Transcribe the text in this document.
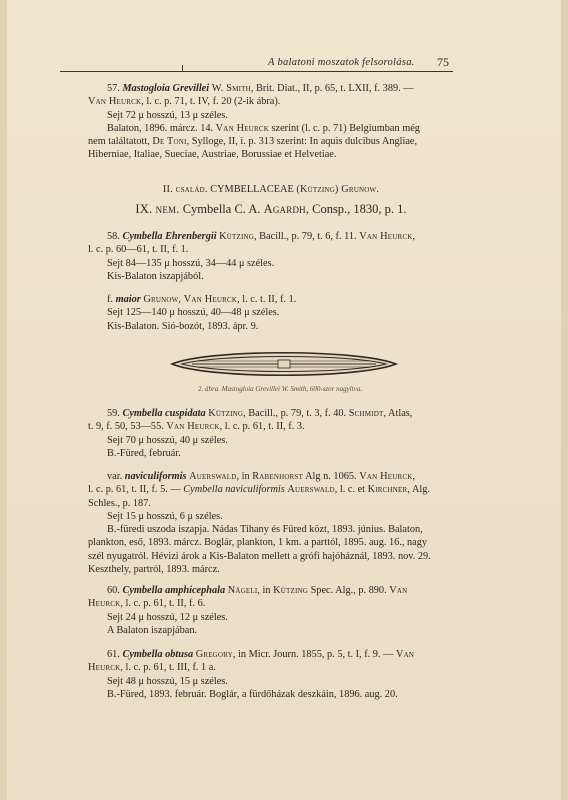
A balatoni moszatok felsorolása. 75
57. Mastogloia Grevillei W. Smith, Brit. Diat., II, p. 65, t. LXII, f. 389. —
Van Heurck, l. c. p. 71, t. IV, f. 20 (2-ik ábra).
Sejt 72 μ hosszú, 13 μ széles.
Balaton, 1896. márcz. 14. Van Heurck szerint (l. c. p. 71) Belgiumban még
nem találtatott, De Toni, Sylloge, II, i. p. 313 szerint: In aquis dulcibus Angliae,
Hiberniae, Italiae, Sueciae, Austriae, Borussiae et Helvetiae.
II. család. CYMBELLACEAE (Kützing) Grunow.
IX. nem. Cymbella C. A. Agardh, Consp., 1830, p. 1.
58. Cymbella Ehrenbergii Kützing, Bacill., p. 79, t. 6, f. 11. Van Heurck,
l. c. p. 60—61, t. II, f. 1.
Sejt 84—135 μ hosszú, 34—44 μ széles.
Kis-Balaton iszapjából.
f. maior Grunow, Van Heurck, l. c. t. II, f. 1.
Sejt 125—140 μ hosszú, 40—48 μ széles.
Kis-Balaton. Sió-bozót, 1893. ápr. 9.
2. ábra. Mastogloia Grevillei W. Smith, 600-szor nagyítva.
59. Cymbella cuspidata Kützing, Bacill., p. 79, t. 3, f. 40. Schmidt, Atlas,
t. 9, f. 50, 53—55. Van Heurck, l. c. p. 61, t. II, f. 3.
Sejt 70 μ hosszú, 40 μ széles.
B.-Füred, február.
var. naviculiformis Auerswald, in Rabenhorst Alg n. 1065. Van Heurck,
l. c. p. 61, t. II, f. 5. — Cymbella naviculiformis Auerswald, l. c. et Kirchner, Alg.
Schles., p. 187.
Sejt 15 μ hosszú, 6 μ széles.
B.-füredi uszoda iszapja. Nádas Tihany és Füred közt, 1893. június. Balaton,
plankton, eső, 1893. márcz. Boglár, plankton, 1 km. a parttól, 1895. aug. 16., nagy
szél nyugatról. Hévizi árok a Kis-Balaton mellett a grófi hajóháznál, 1893. nov. 29.
Keszthely, partról, 1893. márcz.
60. Cymbella amphicephala Nägeli, in Kützing Spec. Alg., p. 890. Van
Heurck, l. c. p. 61, t. II, f. 6.
Sejt 24 μ hosszú, 12 μ széles.
A Balaton iszapjában.
61. Cymbella obtusa Gregory, in Micr. Journ. 1855, p. 5, t. I, f. 9. — Van
Heurck, l. c. p. 61, t. III, f. 1 a.
Sejt 48 μ hosszú, 15 μ széles.
B.-Füred, 1893. február. Boglár, a fürdőházak deszkáin, 1896. aug. 20.
